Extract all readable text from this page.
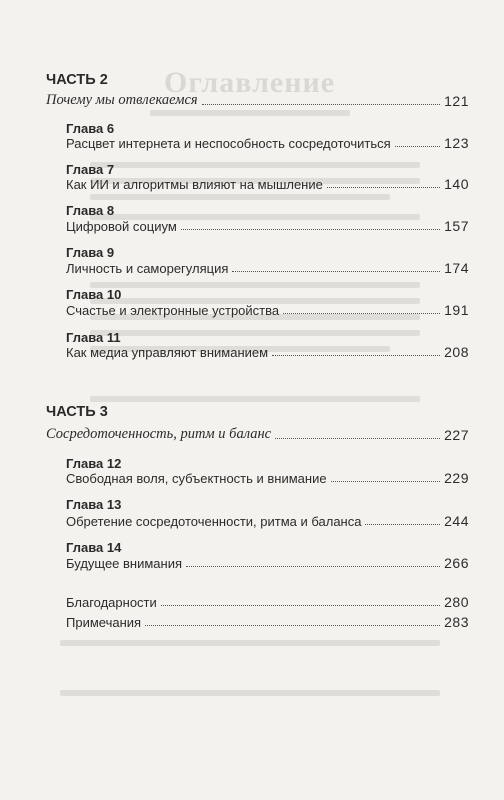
Оглавление
ЧАСТЬ 2
Почему мы отвлекаемся	121
Глава 6
Расцвет интернета и неспособность сосредоточиться	123
Глава 7
Как ИИ и алгоритмы влияют на мышление	140
Глава 8
Цифровой социум	157
Глава 9
Личность и саморегуляция	174
Глава 10
Счастье и электронные устройства	191
Глава 11
Как медиа управляют вниманием	208
ЧАСТЬ 3
Сосредоточенность, ритм и баланс	227
Глава 12
Свободная воля, субъектность и внимание	229
Глава 13
Обретение сосредоточенности, ритма и баланса	244
Глава 14
Будущее внимания	266
Благодарности	280
Примечания	283
